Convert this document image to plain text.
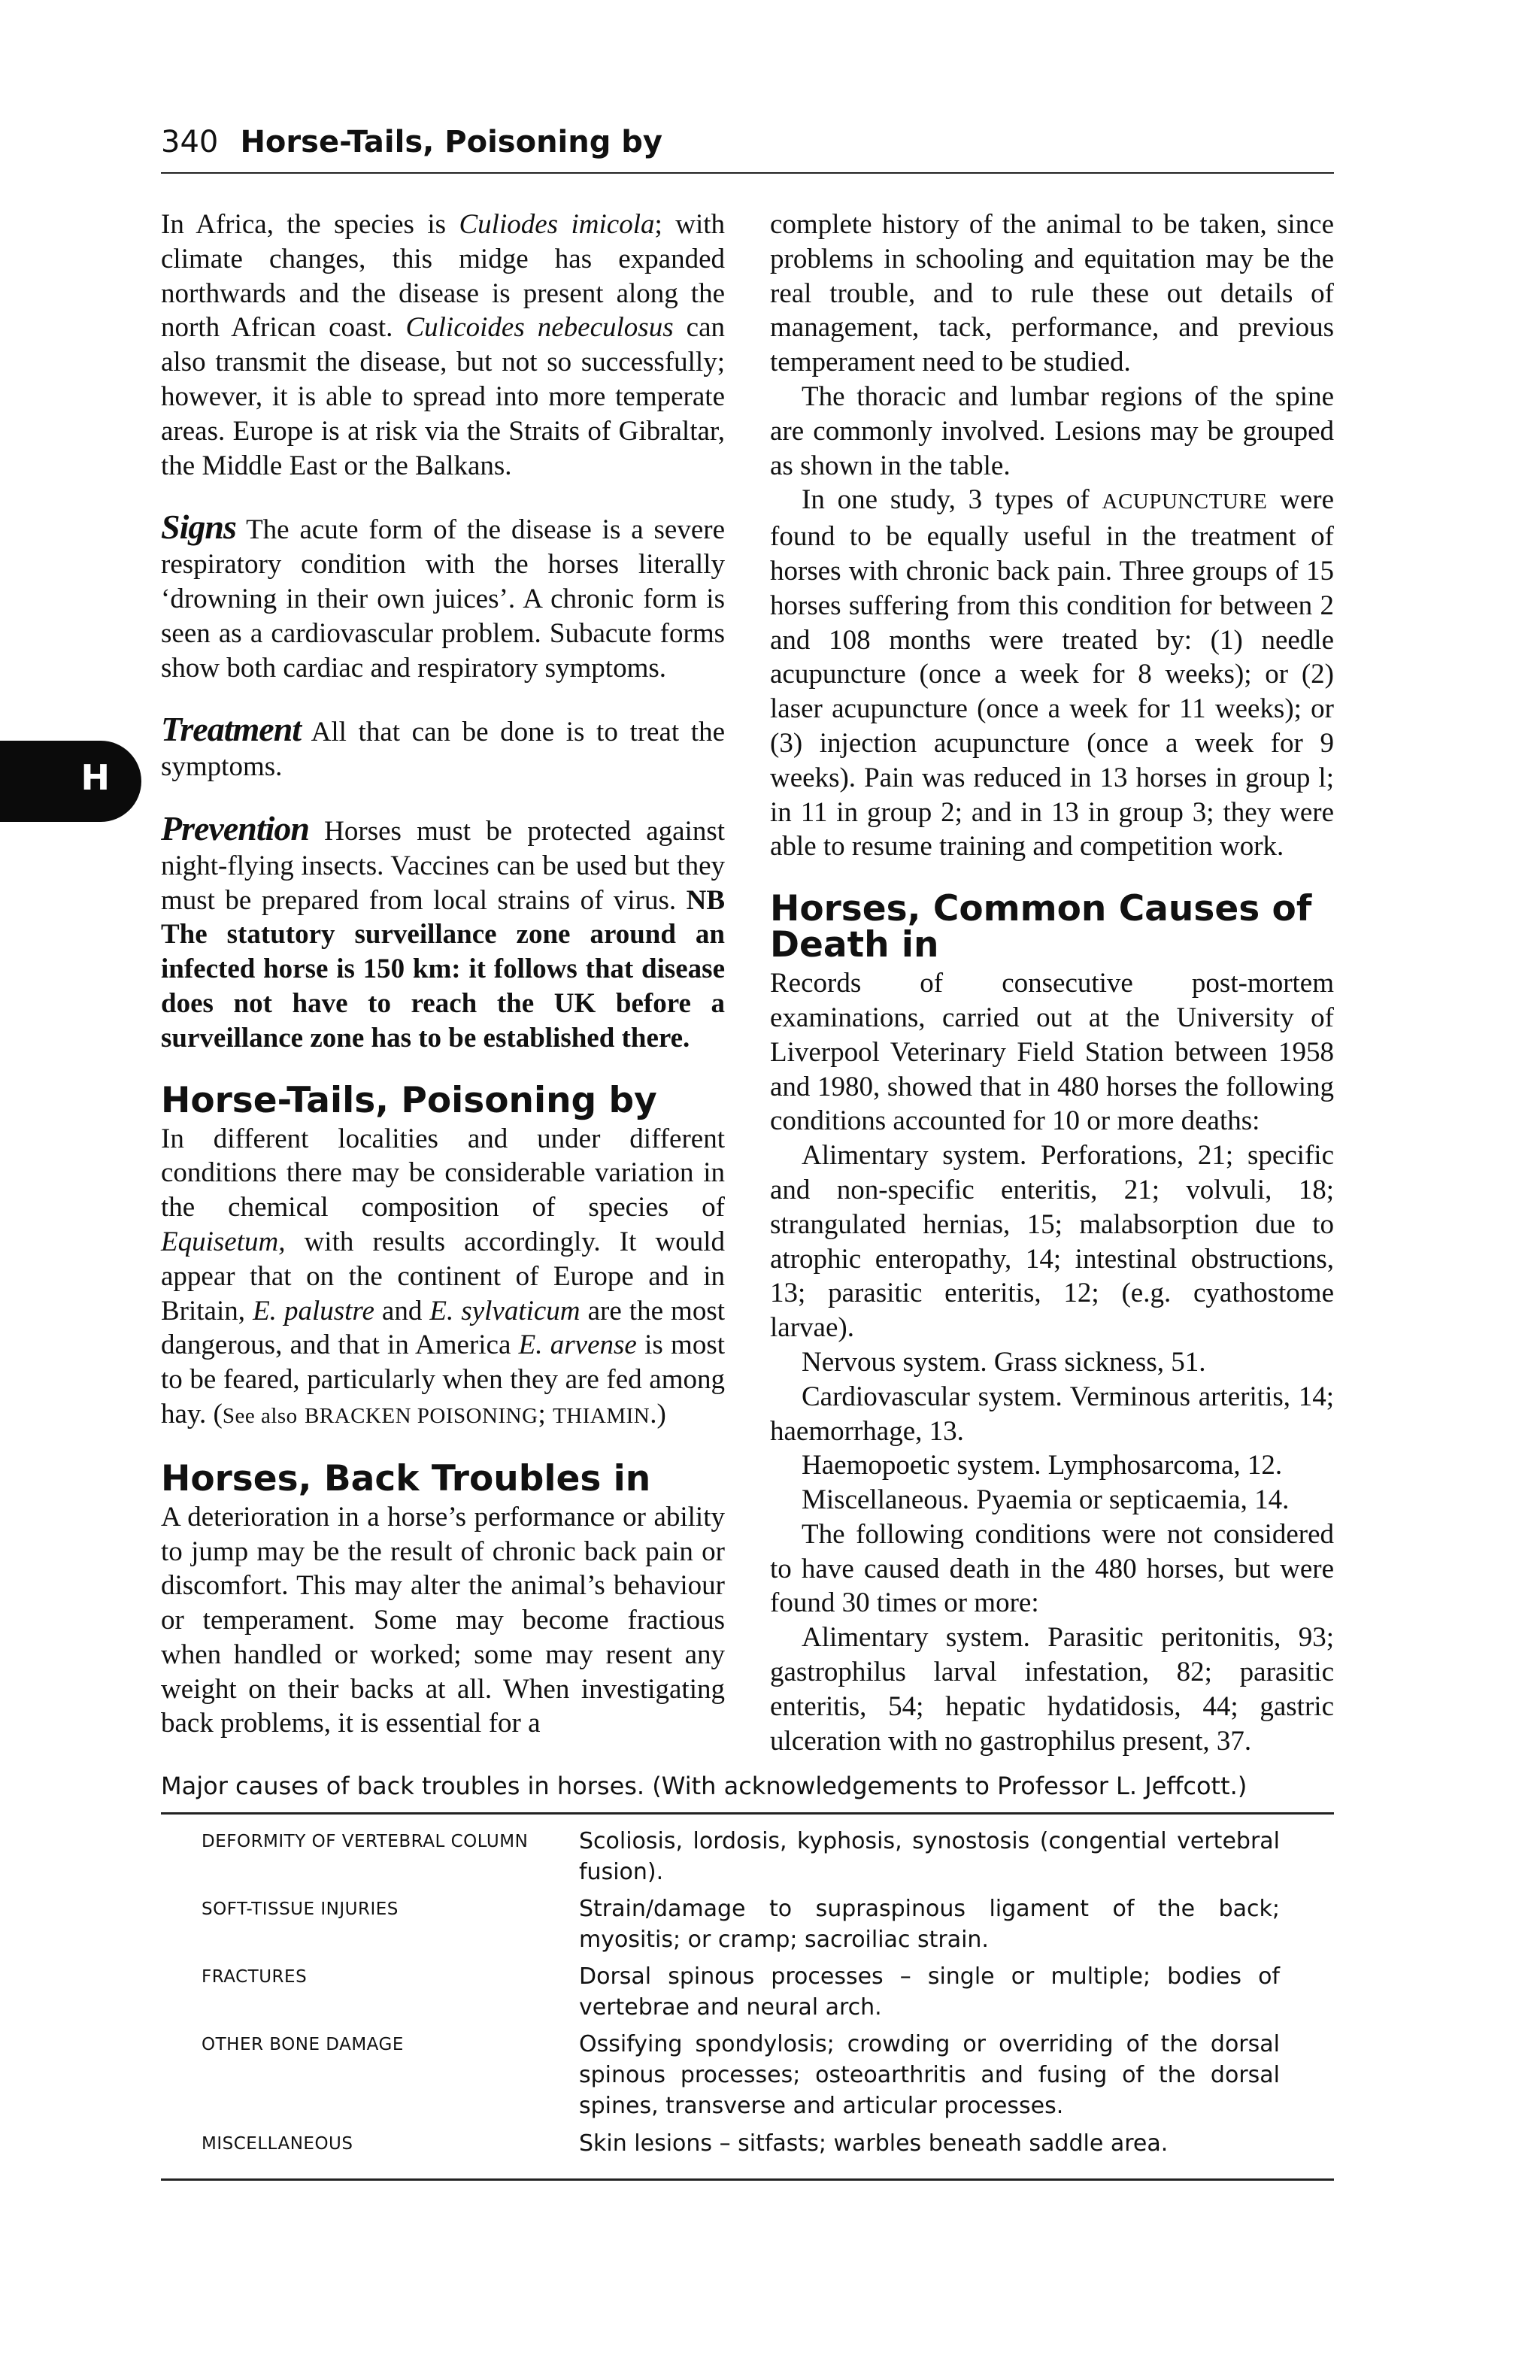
340 Horse-Tails, Poisoning by
H

In Africa, the species is Culiodes imicola; with climate changes, this midge has expanded northwards and the disease is present along the north African coast. Culicoides nebeculosus can also transmit the disease, but not so successfully; however, it is able to spread into more temperate areas. Europe is at risk via the Straits of Gibraltar, the Middle East or the Balkans.

Signs The acute form of the disease is a severe respiratory condition with the horses literally ‘drowning in their own juices’. A chronic form is seen as a cardiovascular problem. Subacute forms show both cardiac and respiratory symptoms.

Treatment All that can be done is to treat the symptoms.

Prevention Horses must be protected against night-flying insects. Vaccines can be used but they must be prepared from local strains of virus. NB The statutory surveillance zone around an infected horse is 150 km: it follows that disease does not have to reach the UK before a surveillance zone has to be established there.

Horse-Tails, Poisoning by

In different localities and under different conditions there may be considerable variation in the chemical composition of species of Equisetum, with results accordingly. It would appear that on the continent of Europe and in Britain, E. palustre and E. sylvaticum are the most dangerous, and that in America E. arvense is most to be feared, particularly when they are fed among hay. (See also BRACKEN POISONING; THIAMIN.)

Horses, Back Troubles in

A deterioration in a horse’s performance or ability to jump may be the result of chronic back pain or discomfort. This may alter the animal’s behaviour or temperament. Some may become fractious when handled or worked; some may resent any weight on their backs at all. When investigating back problems, it is essential for a

complete history of the animal to be taken, since problems in schooling and equitation may be the real trouble, and to rule these out details of management, tack, performance, and previous temperament need to be studied.

The thoracic and lumbar regions of the spine are commonly involved. Lesions may be grouped as shown in the table.

In one study, 3 types of ACUPUNCTURE were found to be equally useful in the treatment of horses with chronic back pain. Three groups of 15 horses suffering from this condition for between 2 and 108 months were treated by: (1) needle acupuncture (once a week for 8 weeks); or (2) laser acupuncture (once a week for 11 weeks); or (3) injection acupuncture (once a week for 9 weeks). Pain was reduced in 13 horses in group l; in 11 in group 2; and in 13 in group 3; they were able to resume training and competition work.

Horses, Common Causes of Death in

Records of consecutive post-mortem examinations, carried out at the University of Liverpool Veterinary Field Station between 1958 and 1980, showed that in 480 horses the following conditions accounted for 10 or more deaths:

Alimentary system. Perforations, 21; specific and non-specific enteritis, 21; volvuli, 18; strangulated hernias, 15; malabsorption due to atrophic enteropathy, 14; intestinal obstructions, 13; parasitic enteritis, 12; (e.g. cyathostome larvae).

Nervous system. Grass sickness, 51.

Cardiovascular system. Verminous arteritis, 14; haemorrhage, 13.

Haemopoetic system. Lymphosarcoma, 12.

Miscellaneous. Pyaemia or septicaemia, 14.

The following conditions were not considered to have caused death in the 480 horses, but were found 30 times or more:

Alimentary system. Parasitic peritonitis, 93; gastrophilus larval infestation, 82; parasitic enteritis, 54; hepatic hydatidosis, 44; gastric ulceration with no gastrophilus present, 37.

Major causes of back troubles in horses. (With acknowledgements to Professor L. Jeffcott.)
DEFORMITY OF VERTEBRAL COLUMN Scoliosis, lordosis, kyphosis, synostosis (congential vertebral fusion).
SOFT-TISSUE INJURIES	Strain/damage to supraspinous ligament of the back; myositis; or cramp; sacroiliac strain.
FRACTURES	Dorsal spinous processes – single or multiple; bodies of vertebrae and neural arch.
OTHER BONE DAMAGE	Ossifying spondylosis; crowding or overriding of the dorsal spinous processes; osteoarthritis and fusing of the dorsal spines, transverse and articular processes.
MISCELLANEOUS	Skin lesions – sitfasts; warbles beneath saddle area.
